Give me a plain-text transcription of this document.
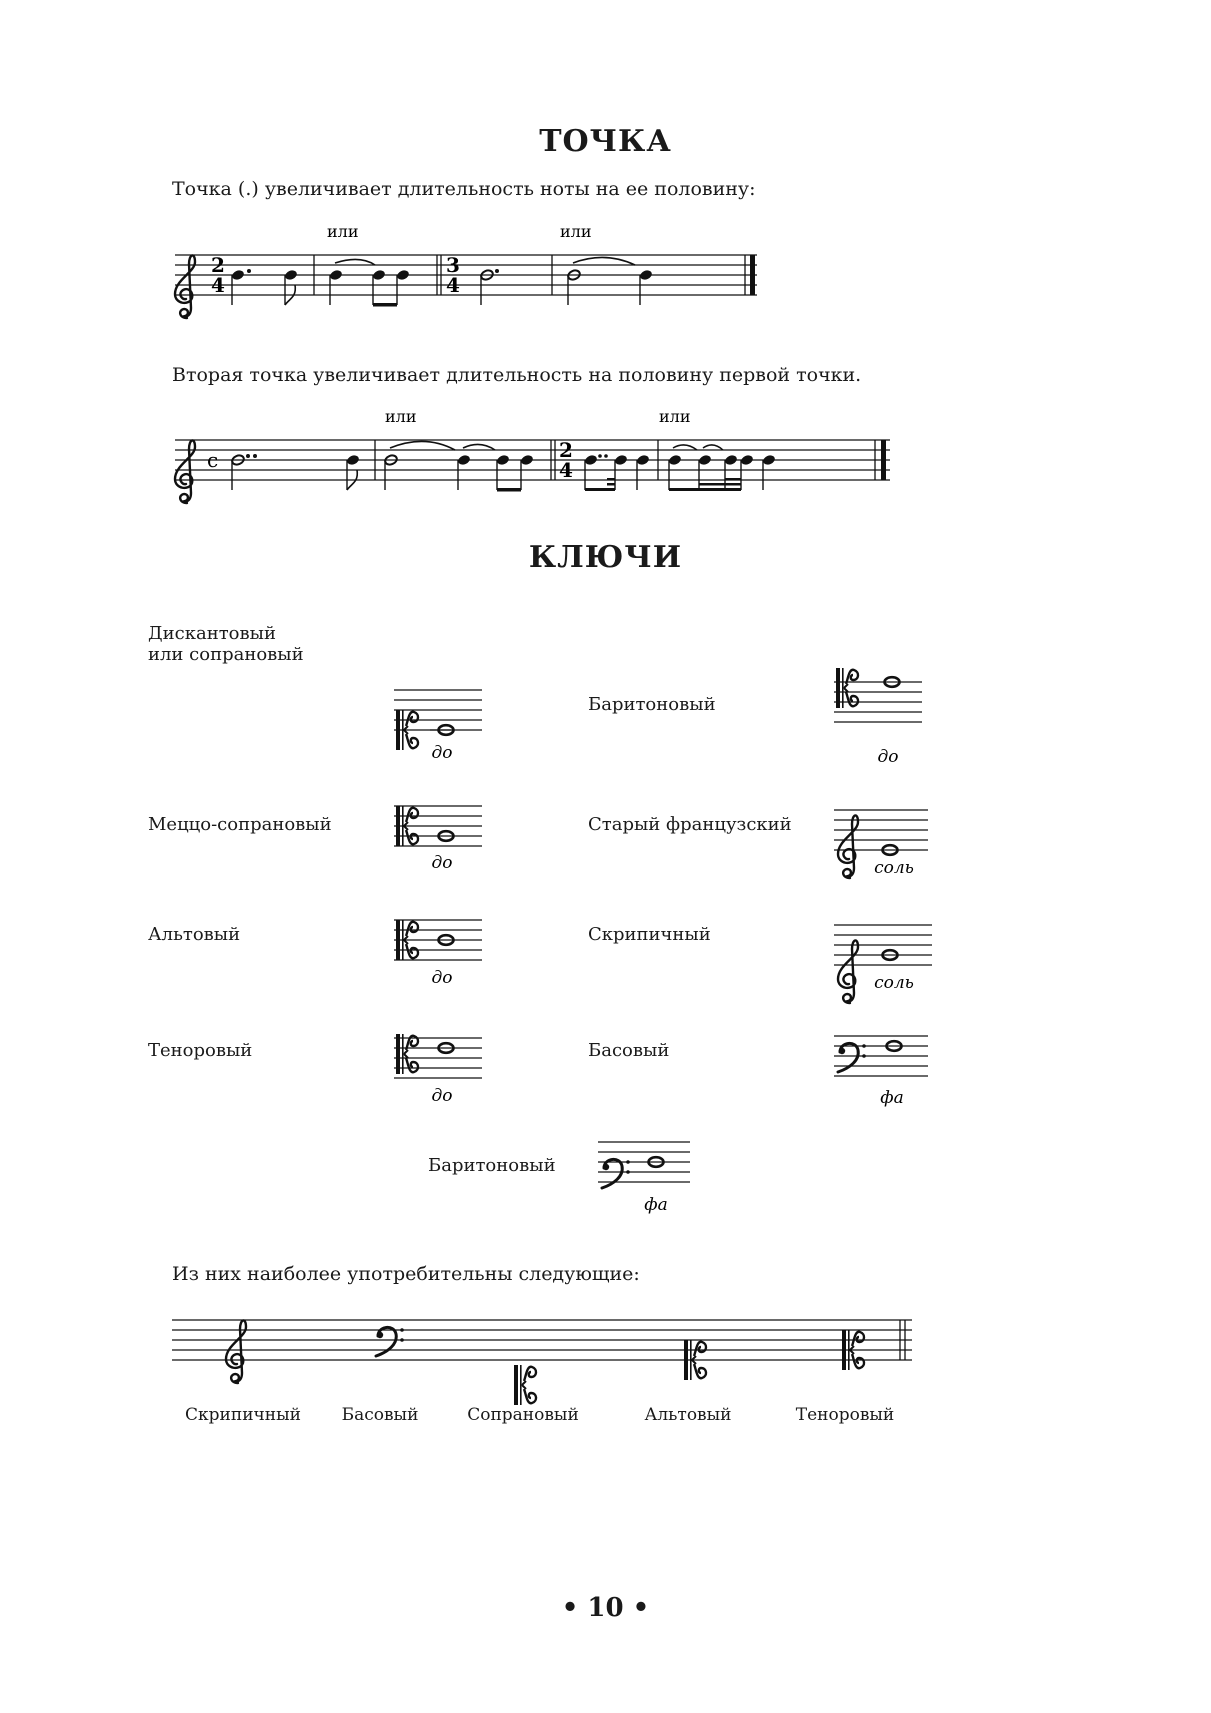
ТОЧКА
Точка (.) увеличивает длительность ноты на ее половину:
2
4
или
3
4
или
Вторая точка увеличивает длительность на половину первой точки.
c
или
2
4
или
КЛЮЧИ
Дискантовый
или сопрановый
до
Меццо-сопрановый
до
Альтовый
до
Теноровый
до
Баритоновый
до
Старый французский
соль
Скрипичный
соль
Басовый
фа
Баритоновый
фа
Из них наиболее употребительны следующие:
Скрипичный	Басовый	Сопрановый	Альтовый	Теноровый
• 10 •
